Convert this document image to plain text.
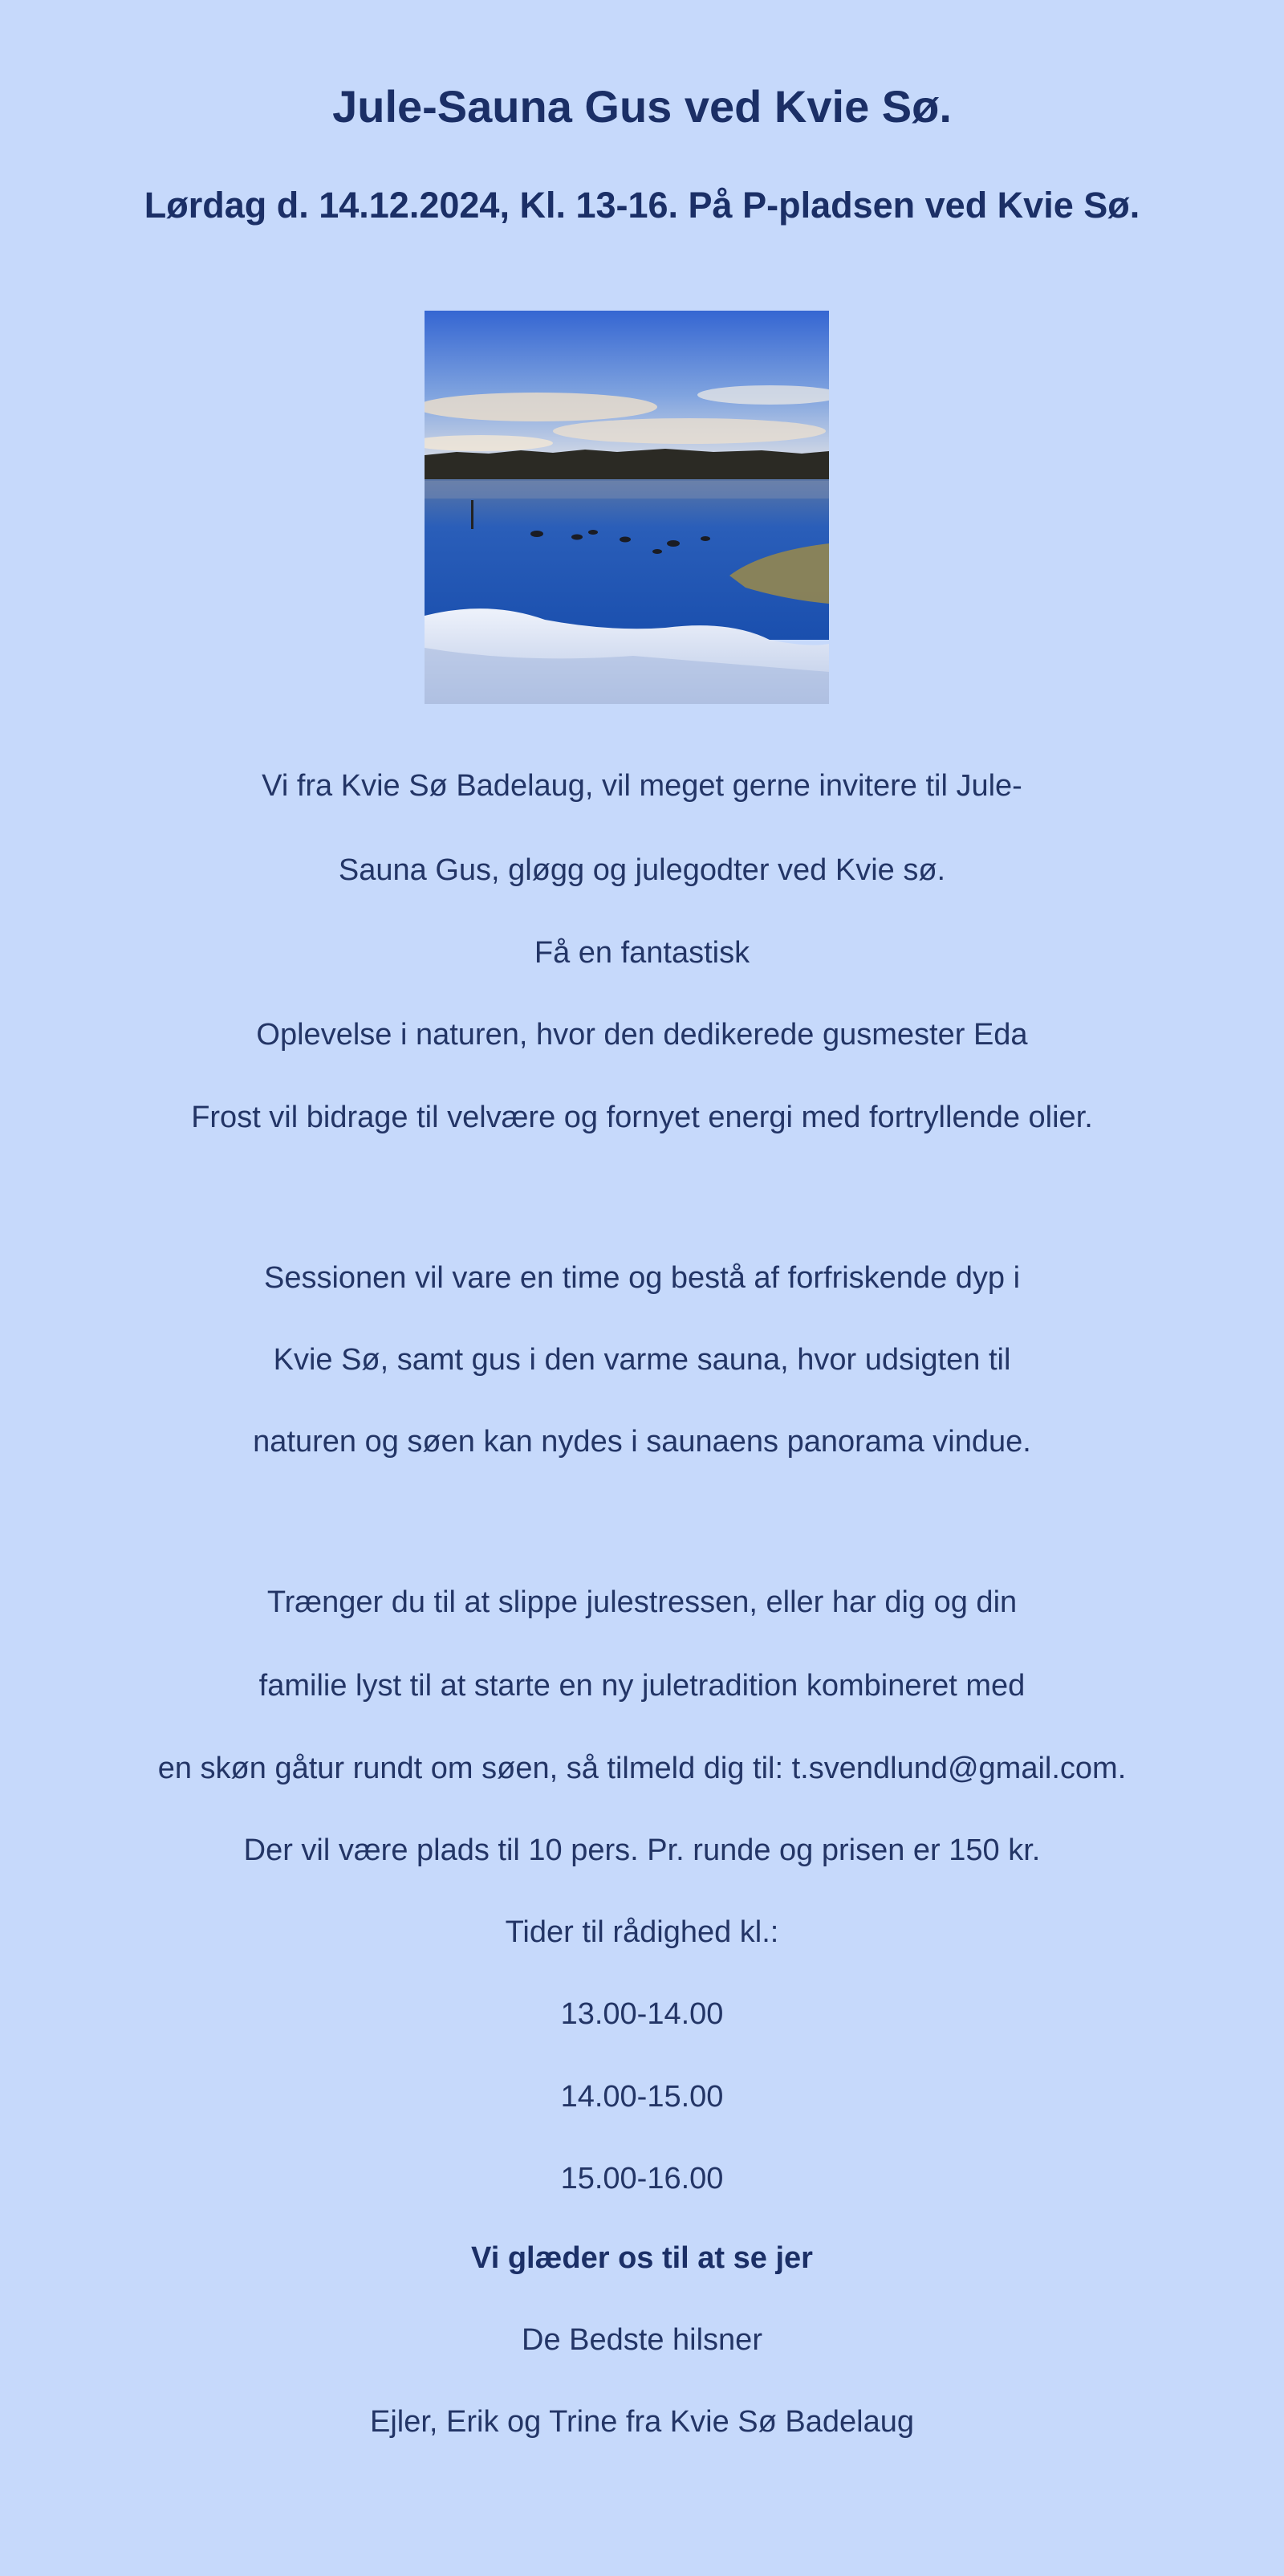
Jule-Sauna Gus ved Kvie Sø.
Lørdag d. 14.12.2024, Kl. 13-16. På P-pladsen ved Kvie Sø.

Vi fra Kvie Sø Badelaug, vil meget gerne invitere til Jule-

Sauna Gus, gløgg og julegodter ved Kvie sø.

Få en fantastisk

Oplevelse i naturen, hvor den dedikerede gusmester Eda

Frost vil bidrage til velvære og fornyet energi med fortryllende olier.

Sessionen vil vare en time og bestå af forfriskende dyp i

Kvie Sø, samt gus i den varme sauna, hvor udsigten til

naturen og søen kan nydes i saunaens panorama vindue.

Trænger du til at slippe julestressen, eller har dig og din

familie lyst til at starte en ny juletradition kombineret med

en skøn gåtur rundt om søen, så tilmeld dig til: t.svendlund@gmail.com.

Der vil være plads til 10 pers. Pr. runde og prisen er 150 kr.

Tider til rådighed kl.:

13.00-14.00

14.00-15.00

15.00-16.00

Vi glæder os til at se jer

De Bedste hilsner

Ejler, Erik og Trine fra Kvie Sø Badelaug
